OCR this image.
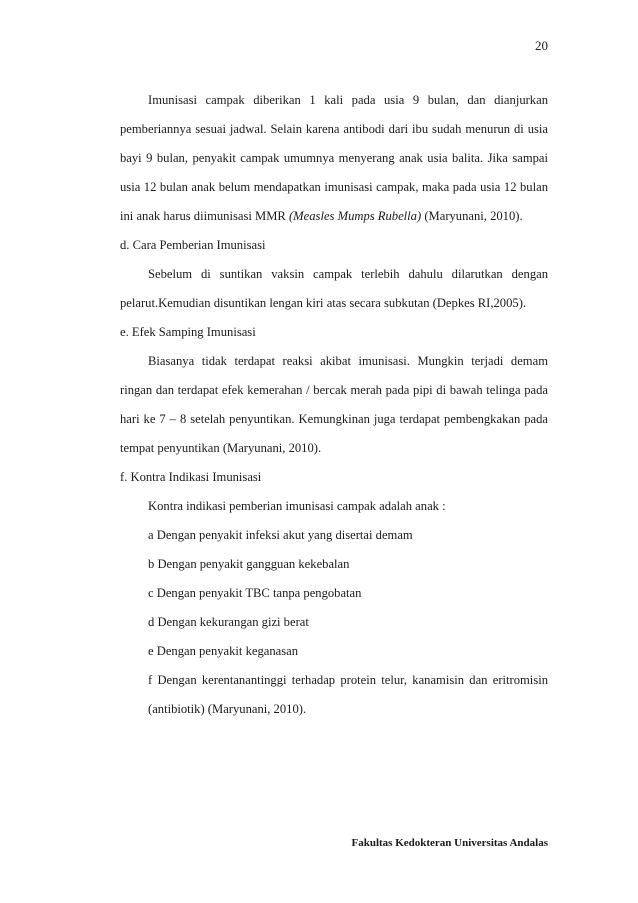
20

Imunisasi campak diberikan 1 kali pada usia 9 bulan, dan dianjurkan pemberiannya sesuai jadwal. Selain karena antibodi dari ibu sudah menurun di usia bayi 9 bulan, penyakit campak umumnya menyerang anak usia balita. Jika sampai usia 12 bulan anak belum mendapatkan imunisasi campak, maka pada usia 12 bulan ini anak harus diimunisasi MMR (Measles Mumps Rubella) (Maryunani, 2010).

d. Cara Pemberian Imunisasi

Sebelum di suntikan vaksin campak terlebih dahulu dilarutkan dengan pelarut.Kemudian disuntikan lengan kiri atas secara subkutan (Depkes RI,2005).

e. Efek Samping Imunisasi

Biasanya tidak terdapat reaksi akibat imunisasi. Mungkin terjadi demam ringan dan terdapat efek kemerahan / bercak merah pada pipi di bawah telinga pada hari ke 7 – 8 setelah penyuntikan. Kemungkinan juga terdapat pembengkakan pada tempat penyuntikan (Maryunani, 2010).

f. Kontra Indikasi Imunisasi

Kontra indikasi pemberian imunisasi campak adalah anak :

a Dengan penyakit infeksi akut yang disertai demam

b Dengan penyakit gangguan kekebalan

c Dengan penyakit TBC tanpa pengobatan

d Dengan kekurangan gizi berat

e Dengan penyakit keganasan

f Dengan kerentanantinggi terhadap protein telur, kanamisin dan eritromisin

(antibiotik) (Maryunani, 2010).

Fakultas Kedokteran Universitas Andalas
